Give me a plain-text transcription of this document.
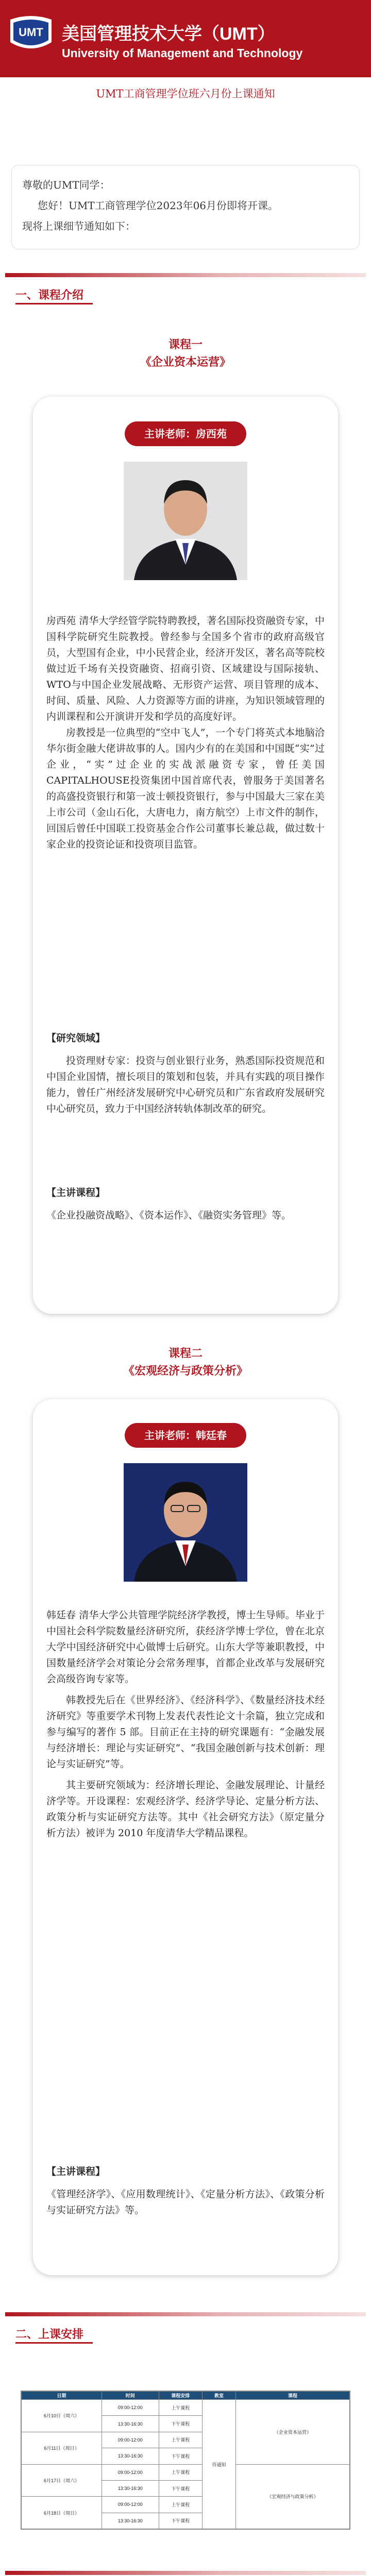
UMT 美国管理技术大学（UMT）
University of Management and Technology
UMT工商管理学位班六月份上课通知
尊敬的UMT同学：
您好！UMT工商管理学位2023年06月份即将开课。
现将上课细节通知如下：
一、课程介绍
课程一
《企业资本运营》
主讲老师：房西苑

房西苑 清华大学经管学院特聘教授，著名国际投资融资专家，中国科学院研究生院教授。曾经参与全国多个省市的政府高级官员，大型国有企业，中小民营企业，经济开发区，著名高等院校做过近千场有关投资融资、招商引资、区域建设与国际接轨、WTO与中国企业发展战略、无形资产运营、项目管理的成本、时间、质量、风险、人力资源等方面的讲座，为知识领域管理的内训课程和公开演讲开发和学员的高度好评。

房教授是一位典型的“空中飞人”，一个专门将英式本地脑洽华尔街金融大佬讲故事的人。国内少有的在美国和中国既“实”过企业，“实”过企业的实战派融资专家，曾任美国CAPITALHOUSE投资集团中国首席代表，曾服务于美国著名的高盛投资银行和第一波士顿投资银行，参与中国最大三家在美上市公司（金山石化，大唐电力，南方航空）上市文件的制作，回国后曾任中国联工投资基金合作公司董事长兼总裁，做过数十家企业的投资论证和投资项目监管。

【研究领域】

投资理财专家：投资与创业银行业务，熟悉国际投资规范和中国企业国情，擅长项目的策划和包装，并具有实践的项目操作能力，曾任广州经济发展研究中心研究员和广东省政府发展研究中心研究员，致力于中国经济转轨体制改革的研究。

【主讲课程】

《企业投融资战略》、《资本运作》、《融资实务管理》等。

课程二
《宏观经济与政策分析》
主讲老师：韩廷春

韩廷春 清华大学公共管理学院经济学教授，博士生导师。毕业于中国社会科学院数量经济研究所，获经济学博士学位，曾在北京大学中国经济研究中心做博士后研究。山东大学等兼职教授，中国数量经济学会对策论分会常务理事，首都企业改革与发展研究会高级咨询专家等。

韩教授先后在《世界经济》、《经济科学》、《数量经济技术经济研究》等重要学术刊物上发表代表性论文十余篇，独立完成和参与编写的著作 5 部。目前正在主持的研究课题有：“金融发展与经济增长：理论与实证研究”、“我国金融创新与技术创新：理论与实证研究”等。

其主要研究领域为：经济增长理论、金融发展理论、计量经济学等。开设课程：宏观经济学、经济学导论、定量分析方法、政策分析与实证研究方法等。其中《社会研究方法》（原定量分析方法）被评为 2010 年度清华大学精品课程。

【主讲课程】

《管理经济学》、《应用数理统计》、《定量分析方法》、《政策分析与实证研究方法》等。

二、上课安排
日期	时间	课程安排	教室	课程
6月10日（周六）	09:00-12:00	上午课程	待通知	《企业资本运营》
	13:30-16:30	下午课程		
6月11日（周日）	09:00-12:00	上午课程		
	13:30-16:30	下午课程		
6月17日（周六）	09:00-12:00	上午课程		《宏观经济与政策分析》
	13:30-16:30	下午课程		
6月18日（周日）	09:00-12:00	上午课程		
	13:30-16:30	下午课程		
